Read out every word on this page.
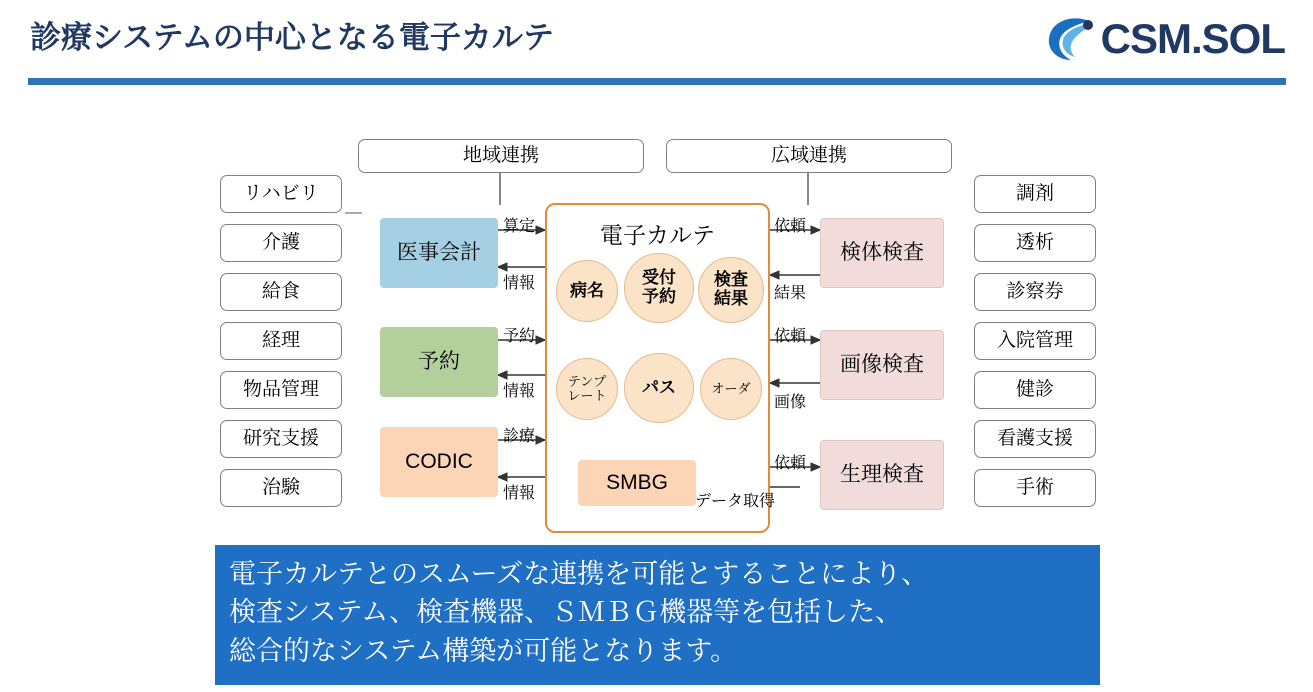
診療システムの中心となる電子カルテ	CSM.SOL
地域連携	広域連携
リハビリ
介護
給食
経理
物品管理
研究支援
治験
調剤
透析
診察券
入院管理
健診
看護支援
手術
医事会計
予約
CODIC
検体検査
画像検査
生理検査
電子カルテ
病名
受付
予約
検査
結果
テンプ
レート	パス	オーダ
SMBG
算定
情報
予約
情報
診療
情報
依頼
結果
依頼
画像
依頼
データ取得
電子カルテとのスムーズな連携を可能とすることにより、
検査システム、検査機器、ＳＭＢＧ機器等を包括した、
総合的なシステム構築が可能となります。
